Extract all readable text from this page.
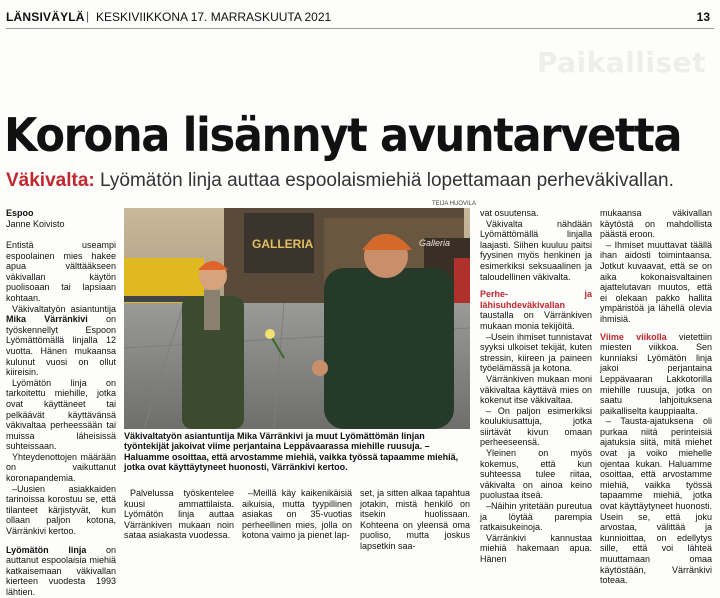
LÄNSIVÄYLÄ | KESKIVIIKKONA 17. MARRASKUUTA 2021	13
Paikalliset
Korona lisännyt avuntarvetta
Väkivalta: Lyömätön linja auttaa espoolaismiehiä lopettamaan perheväkivallan.
Espoo
Janne Koivisto

Entistä useampi espoolainen mies hakee apua välttääkseen väkivallan käytön puolisoaan tai lapsiaan kohtaan.

Väkivaltatyön asiantuntija Mika Värränkivi on työskennellyt Espoon Lyömättömällä linjalla 12 vuotta. Hänen mukaansa kulunut vuosi on ollut kiireisin.

Lyömätön linja on tarkoitettu miehille, jotka ovat käyttäneet tai pelkäävät käyttävänsä väkivaltaa perheessään tai muissa läheisissä suhteissaan.

Yhteydenottojen määrään on vaikuttanut koronapandemia.

–Uusien asiakkaiden tarinoissa korostuu se, että tilanteet kärjistyvät, kun ollaan paljon kotona, Värränkivi kertoo.

Lyömätön linja on auttanut espoolaisia miehiä katkaisemaan väkivallan kierteen vuodesta 1993 lähtien.

TEIJA HUOVILA
GALLERIA	Galleria
Väkivaltatyön asiantuntija Mika Värränkivi ja muut Lyömättömän linjan työntekijät jakoivat viime perjantaina Leppävaarassa miehille ruusuja. – Haluamme osoittaa, että arvostamme miehiä, vaikka työssä tapaamme miehiä, jotka ovat käyttäytyneet huonosti, Värränkivi kertoo.

Palvelussa työskentelee kuusi ammattilaista. Lyömätön linja auttaa Värränkiven mukaan noin sataa asiakasta vuodessa.

–Meillä käy kaikenikäisiä aikuisia, mutta tyypillinen asiakas on 35-vuotias perheellinen mies, jolla on kotona vaimo ja pienet lap-

set, ja sitten alkaa tapahtua jotakin, mistä henkilö on itsekin huolissaan. Kohteena on yleensä oma puoliso, mutta joskus lapsetkin saa-

vat osuutensa.

Väkivalta nähdään Lyömättömällä linjalla laajasti. Siihen kuuluu paitsi fyysinen myös henkinen ja esimerkiksi seksuaalinen ja taloudellinen väkivalta.

Perhe- ja lähisuhdeväkivallan taustalla on Värränkiven mukaan monia tekijöitä.

–Usein ihmiset tunnistavat syyksi ulkoiset tekijät, kuten stressin, kiireen ja paineen työelämässä ja kotona.

Värränkiven mukaan moni väkivaltaa käyttävä mies on kokenut itse väkivaltaa.

– On paljon esimerkiksi koulukiusattuja, jotka siirtävät kivun omaan perheeseensä.

Yleinen on myös kokemus, että kun suhteessa tulee riitaa, väkivalta on ainoa keino puolustaa itseä.

–Näihin yritetään pureutua ja löytää parempia ratkaisukeinoja.

Värränkivi kannustaa miehiä hakemaan apua. Hänen

mukaansa väkivallan käytöstä on mahdollista päästä eroon.

– Ihmiset muuttavat täällä ihan aidosti toimintaansa. Jotkut kuvaavat, että se on aika kokonaisvaltainen ajattelutavan muutos, että ei olekaan pakko hallita ympäristöä ja lähellä olevia ihmisiä.

Viime viikolla vietettiin miesten viikkoa. Sen kunniaksi Lyömätön linja jakoi perjantaina Leppävaaran Lakkotorilla miehille ruusuja, jotka on saatu lahjoituksena paikalliselta kauppiaalta.

– Tausta-ajatuksena oli purkaa niitä perinteisiä ajatuksia siitä, mitä miehet ovat ja voiko miehelle ojentaa kukan. Haluamme osoittaa, että arvostamme miehiä, vaikka työssä tapaamme miehiä, jotka ovat käyttäytyneet huonosti. Usein se, että joku arvostaa, välittää ja kunnioittaa, on edellytys sille, että voi lähteä muuttamaan omaa käytöstään, Värränkivi toteaa.
